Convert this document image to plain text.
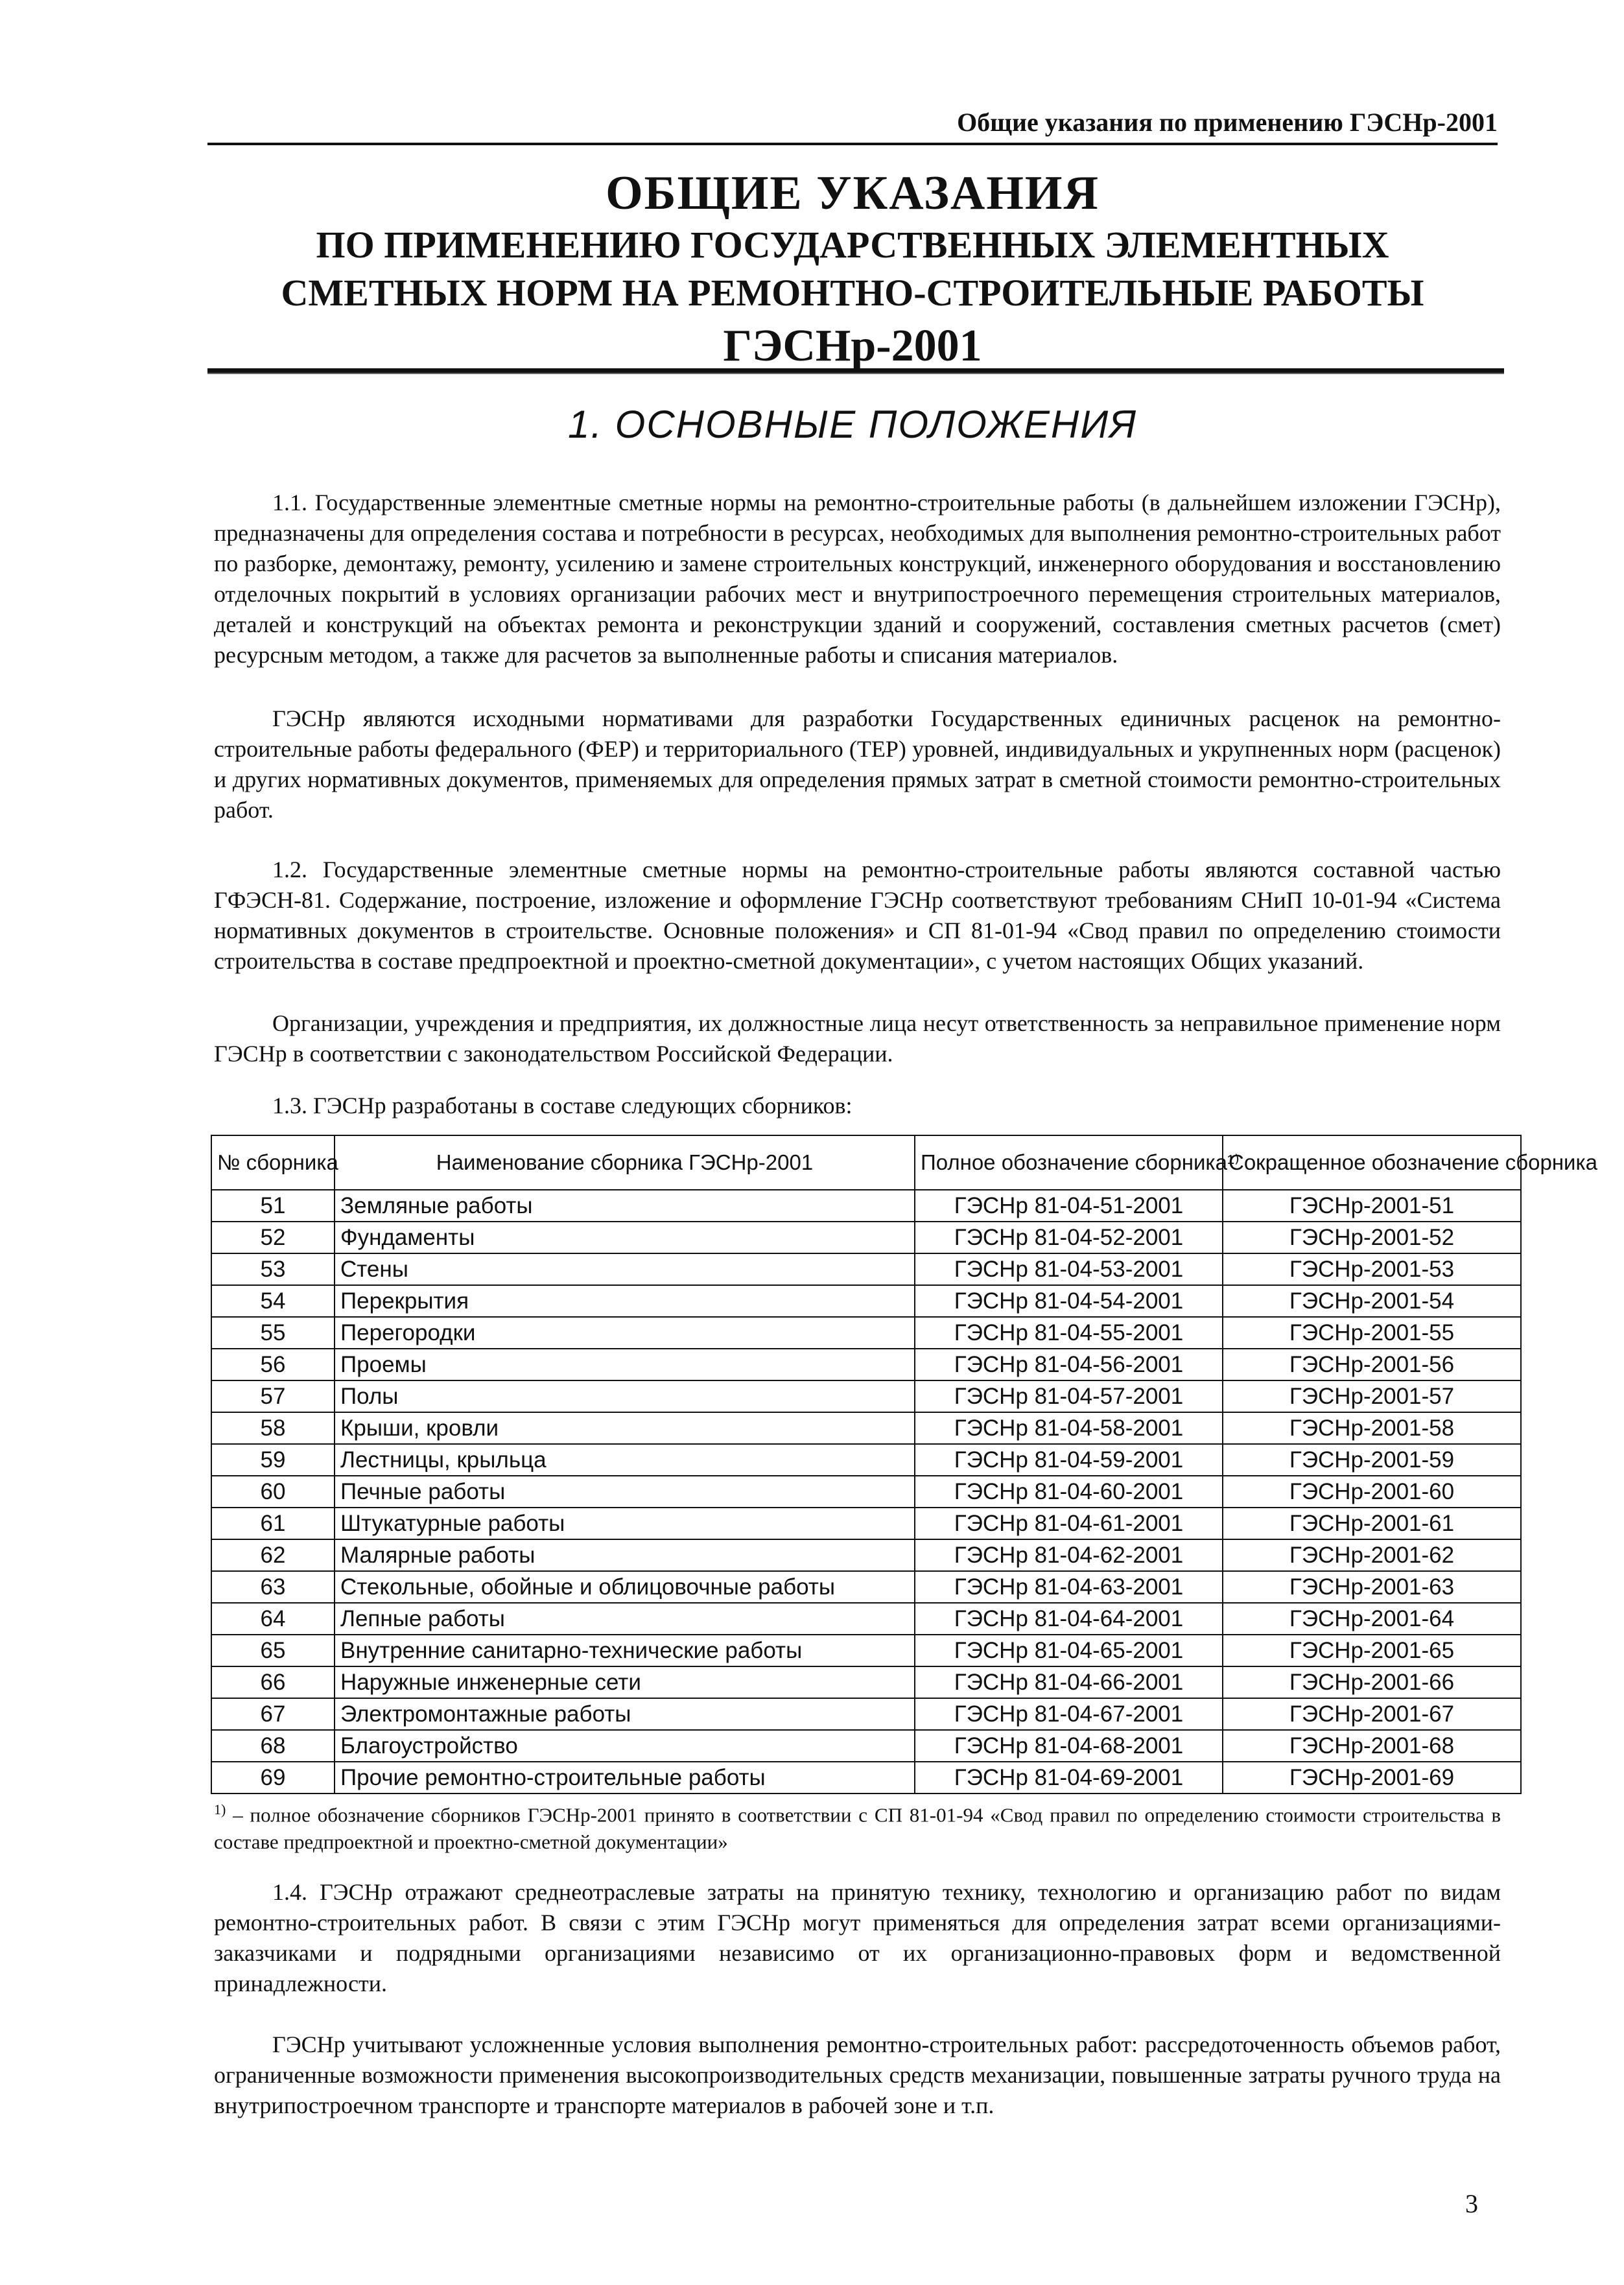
Общие указания по применению ГЭСНр-2001
ОБЩИЕ УКАЗАНИЯ
ПО ПРИМЕНЕНИЮ ГОСУДАРСТВЕННЫХ ЭЛЕМЕНТНЫХ
СМЕТНЫХ НОРМ НА РЕМОНТНО-СТРОИТЕЛЬНЫЕ РАБОТЫ
ГЭСНр-2001
1. ОСНОВНЫЕ ПОЛОЖЕНИЯ

1.1. Государственные элементные сметные нормы на ремонтно-строительные работы (в дальнейшем изложении ГЭСНр), предназначены для определения состава и потребности в ресурсах, необходимых для выполнения ремонтно-строительных работ по разборке, демонтажу, ремонту, усилению и замене строительных конструкций, инженерного оборудования и восстановлению отделочных покрытий в условиях организации рабочих мест и внутрипостроечного перемещения строительных материалов, деталей и конструкций на объектах ремонта и реконструкции зданий и сооружений, составления сметных расчетов (смет) ресурсным методом, а также для расчетов за выполненные работы и списания материалов.

ГЭСНр являются исходными нормативами для разработки Государственных единичных расценок на ремонтно-строительные работы федерального (ФЕР) и территориального (ТЕР) уровней, индивидуальных и укрупненных норм (расценок) и других нормативных документов, применяемых для определения прямых затрат в сметной стоимости ремонтно-строительных работ.

1.2. Государственные элементные сметные нормы на ремонтно-строительные работы являются составной частью ГФЭСН-81. Содержание, построение, изложение и оформление ГЭСНр соответствуют требованиям СНиП 10-01-94 «Система нормативных документов в строительстве. Основные положения» и СП 81-01-94 «Свод правил по определению стоимости строительства в составе предпроектной и проектно-сметной документации», с учетом настоящих Общих указаний.

Организации, учреждения и предприятия, их должностные лица несут ответственность за неправильное применение норм ГЭСНр в соответствии с законодательством Российской Федерации.

1.3. ГЭСНр разработаны в составе следующих сборников:

№ сборника	Наименование сборника ГЭСНр-2001	Полное обозначение сборника¹⁾	Сокращенное обозначение сборника
51	Земляные работы	ГЭСНр 81-04-51-2001	ГЭСНр-2001-51
52	Фундаменты	ГЭСНр 81-04-52-2001	ГЭСНр-2001-52
53	Стены	ГЭСНр 81-04-53-2001	ГЭСНр-2001-53
54	Перекрытия	ГЭСНр 81-04-54-2001	ГЭСНр-2001-54
55	Перегородки	ГЭСНр 81-04-55-2001	ГЭСНр-2001-55
56	Проемы	ГЭСНр 81-04-56-2001	ГЭСНр-2001-56
57	Полы	ГЭСНр 81-04-57-2001	ГЭСНр-2001-57
58	Крыши, кровли	ГЭСНр 81-04-58-2001	ГЭСНр-2001-58
59	Лестницы, крыльца	ГЭСНр 81-04-59-2001	ГЭСНр-2001-59
60	Печные работы	ГЭСНр 81-04-60-2001	ГЭСНр-2001-60
61	Штукатурные работы	ГЭСНр 81-04-61-2001	ГЭСНр-2001-61
62	Малярные работы	ГЭСНр 81-04-62-2001	ГЭСНр-2001-62
63	Стекольные, обойные и облицовочные работы	ГЭСНр 81-04-63-2001	ГЭСНр-2001-63
64	Лепные работы	ГЭСНр 81-04-64-2001	ГЭСНр-2001-64
65	Внутренние санитарно-технические работы	ГЭСНр 81-04-65-2001	ГЭСНр-2001-65
66	Наружные инженерные сети	ГЭСНр 81-04-66-2001	ГЭСНр-2001-66
67	Электромонтажные работы	ГЭСНр 81-04-67-2001	ГЭСНр-2001-67
68	Благоустройство	ГЭСНр 81-04-68-2001	ГЭСНр-2001-68
69	Прочие ремонтно-строительные работы	ГЭСНр 81-04-69-2001	ГЭСНр-2001-69

$^{1)}$ – полное обозначение сборников ГЭСНр-2001 принято в соответствии с СП 81-01-94 «Свод правил по определению стоимости строительства в составе предпроектной и проектно-сметной документации»

1.4. ГЭСНр отражают среднеотраслевые затраты на принятую технику, технологию и организацию работ по видам ремонтно-строительных работ. В связи с этим ГЭСНр могут применяться для определения затрат всеми организациями-заказчиками и подрядными организациями независимо от их организационно-правовых форм и ведомственной принадлежности.

ГЭСНр учитывают усложненные условия выполнения ремонтно-строительных работ: рассредоточенность объемов работ, ограниченные возможности применения высокопроизводительных средств механизации, повышенные затраты ручного труда на внутрипостроечном транспорте и транспорте материалов в рабочей зоне и т.п.

3
